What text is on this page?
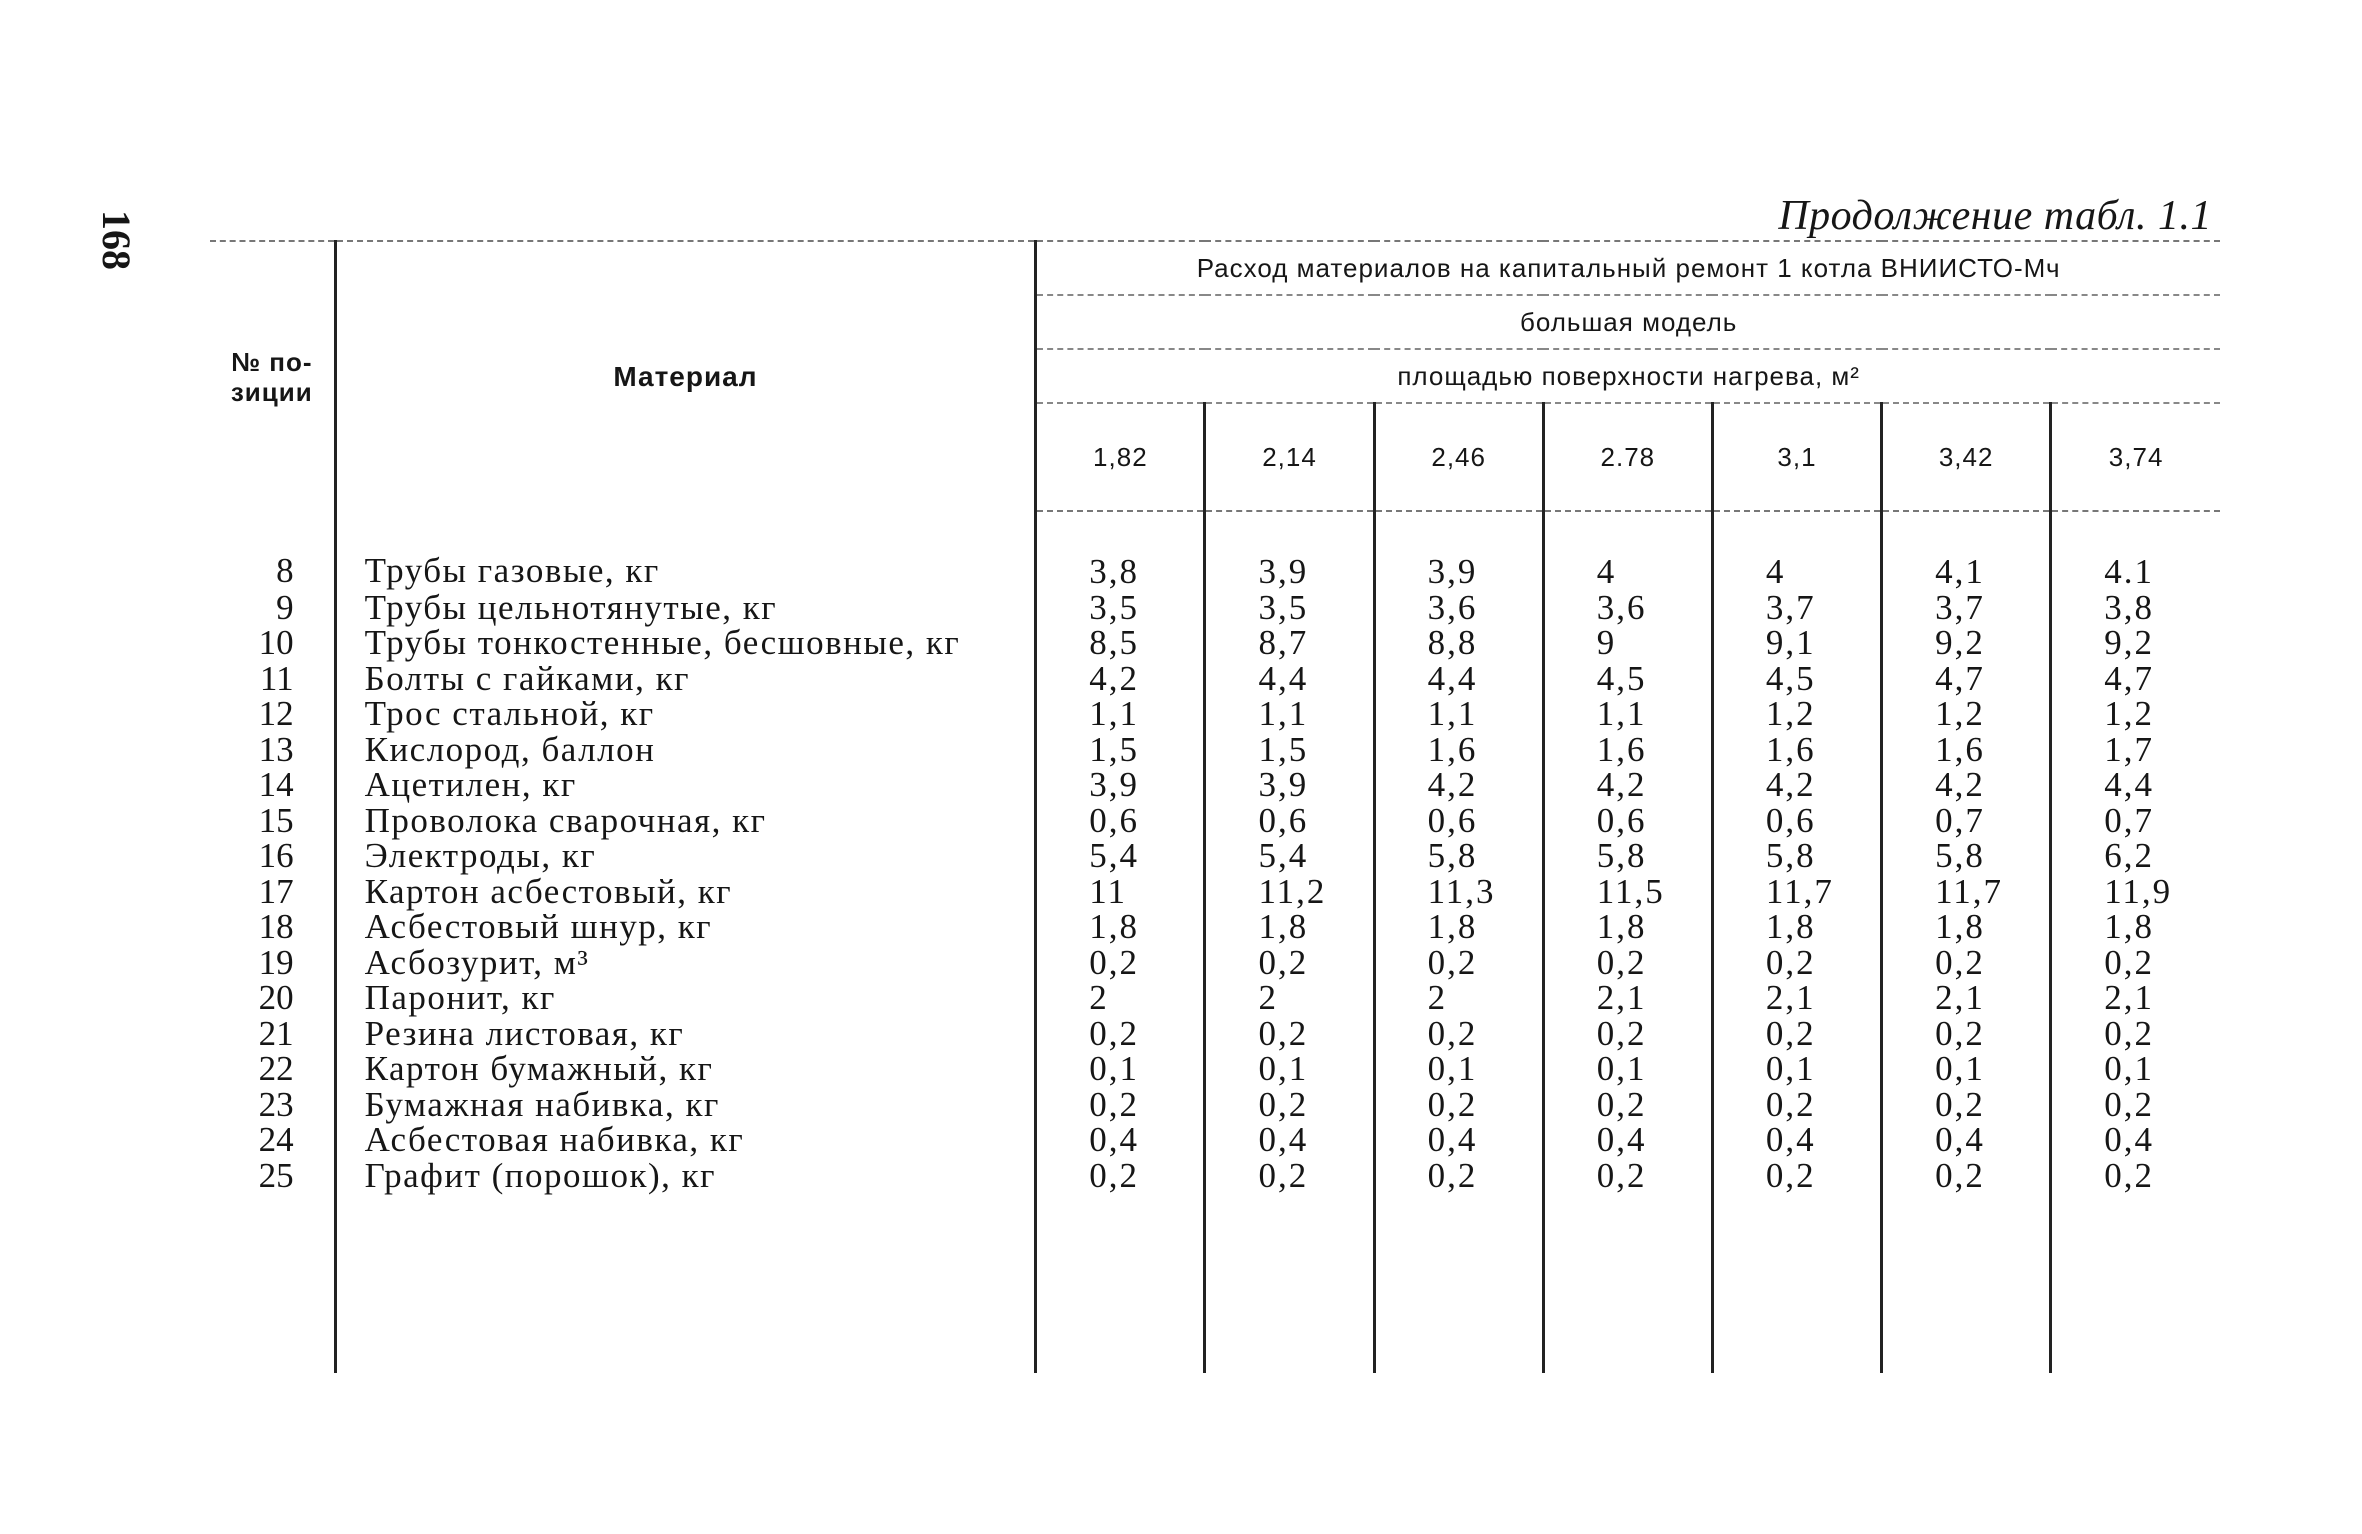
168	Продолжение табл. 1.1
№ по-
зиции	Материал	Расход материалов на капитальный ремонт 1 котла ВНИИСТО-Мч						
		большая модель						
		площадью поверхности нагрева, м²						
		1,82	2,14	2,46	2.78	3,1	3,42	3,74
8	Трубы газовые, кг	3,8	3,9	3,9	4	4	4,1	4.1
9	Трубы цельнотянутые, кг	3,5	3,5	3,6	3,6	3,7	3,7	3,8
10	Трубы тонкостенные, бесшовные, кг	8,5	8,7	8,8	9	9,1	9,2	9,2
11	Болты с гайками, кг	4,2	4,4	4,4	4,5	4,5	4,7	4,7
12	Трос стальной, кг	1,1	1,1	1,1	1,1	1,2	1,2	1,2
13	Кислород, баллон	1,5	1,5	1,6	1,6	1,6	1,6	1,7
14	Ацетилен, кг	3,9	3,9	4,2	4,2	4,2	4,2	4,4
15	Проволока сварочная, кг	0,6	0,6	0,6	0,6	0,6	0,7	0,7
16	Электроды, кг	5,4	5,4	5,8	5,8	5,8	5,8	6,2
17	Картон асбестовый, кг	11	11,2	11,3	11,5	11,7	11,7	11,9
18	Асбестовый шнур, кг	1,8	1,8	1,8	1,8	1,8	1,8	1,8
19	Асбозурит, м³	0,2	0,2	0,2	0,2	0,2	0,2	0,2
20	Паронит, кг	2	2	2	2,1	2,1	2,1	2,1
21	Резина листовая, кг	0,2	0,2	0,2	0,2	0,2	0,2	0,2
22	Картон бумажный, кг	0,1	0,1	0,1	0,1	0,1	0,1	0,1
23	Бумажная набивка, кг	0,2	0,2	0,2	0,2	0,2	0,2	0,2
24	Асбестовая набивка, кг	0,4	0,4	0,4	0,4	0,4	0,4	0,4
25	Графит (порошок), кг	0,2	0,2	0,2	0,2	0,2	0,2	0,2
